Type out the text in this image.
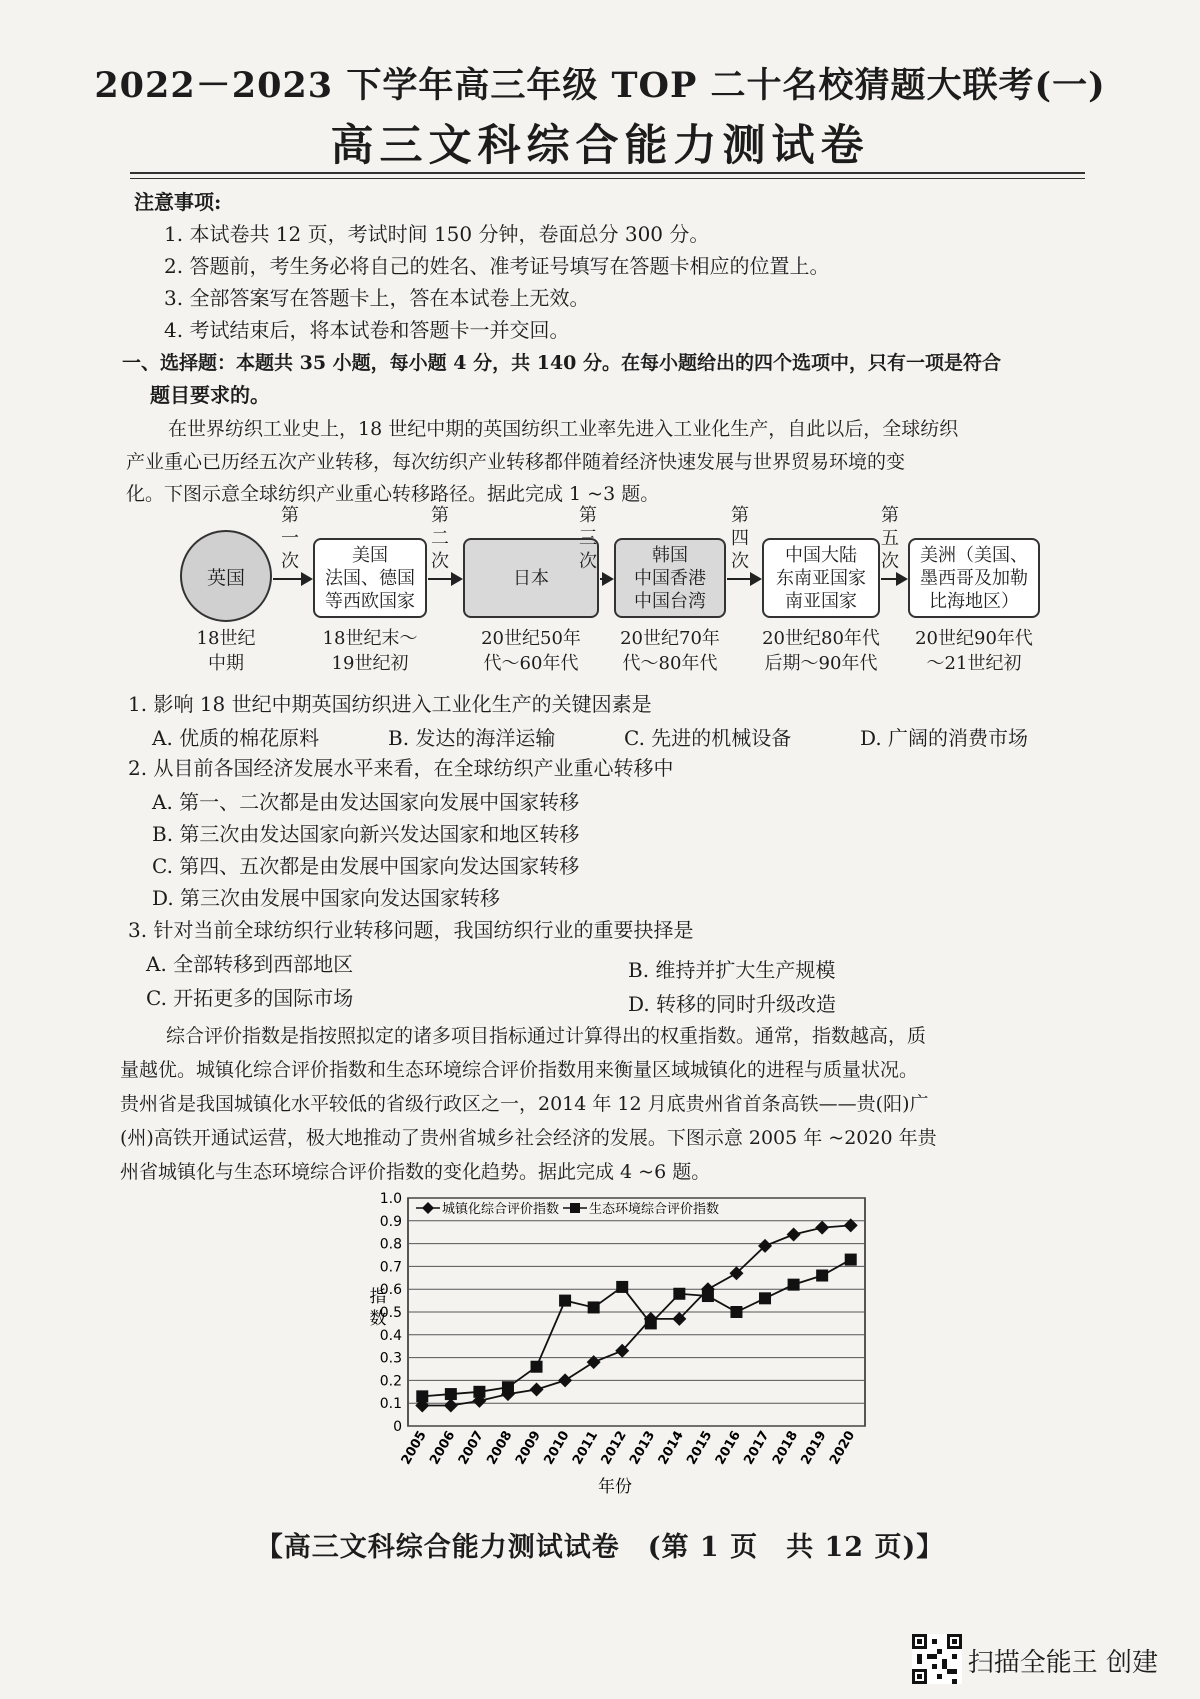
2022－2023 下学年高三年级 TOP 二十名校猜题大联考(一)
高三文科综合能力测试卷
注意事项:
1. 本试卷共 12 页，考试时间 150 分钟，卷面总分 300 分。
2. 答题前，考生务必将自己的姓名、准考证号填写在答题卡相应的位置上。
3. 全部答案写在答题卡上，答在本试卷上无效。
4. 考试结束后，将本试卷和答题卡一并交回。
一、选择题：本题共 35 小题，每小题 4 分，共 140 分。在每小题给出的四个选项中，只有一项是符合
题目要求的。
在世界纺织工业史上，18 世纪中期的英国纺织工业率先进入工业化生产，自此以后，全球纺织
产业重心已历经五次产业转移，每次纺织产业转移都伴随着经济快速发展与世界贸易环境的变
化。下图示意全球纺织产业重心转移路径。据此完成 1 ~3 题。
英国
美国
法国、德国
等西欧国家
日本
韩国
中国香港
中国台湾
中国大陆
东南亚国家
南亚国家
美洲（美国、
墨西哥及加勒
比海地区）
第
一
次
第
二
次
第
三
次
第
四
次
第
五
次
18世纪
中期
18世纪末～
19世纪初
20世纪50年
代～60年代
20世纪70年
代～80年代
20世纪80年代
后期～90年代
20世纪90年代
～21世纪初
1. 影响 18 世纪中期英国纺织进入工业化生产的关键因素是
A. 优质的棉花原料	B. 发达的海洋运输	C. 先进的机械设备	D. 广阔的消费市场
2. 从目前各国经济发展水平来看，在全球纺织产业重心转移中
A. 第一、二次都是由发达国家向发展中国家转移
B. 第三次由发达国家向新兴发达国家和地区转移
C. 第四、五次都是由发展中国家向发达国家转移
D. 第三次由发展中国家向发达国家转移
3. 针对当前全球纺织行业转移问题，我国纺织行业的重要抉择是
A. 全部转移到西部地区	B. 维持并扩大生产规模
C. 开拓更多的国际市场	D. 转移的同时升级改造
综合评价指数是指按照拟定的诸多项目指标通过计算得出的权重指数。通常，指数越高，质
量越优。城镇化综合评价指数和生态环境综合评价指数用来衡量区域城镇化的进程与质量状况。
贵州省是我国城镇化水平较低的省级行政区之一，2014 年 12 月底贵州省首条高铁——贵(阳)广
(州)高铁开通试运营，极大地推动了贵州省城乡社会经济的发展。下图示意 2005 年 ~2020 年贵
州省城镇化与生态环境综合评价指数的变化趋势。据此完成 4 ~6 题。
0
0.1
0.2
0.3
0.4
0.5
0.6
0.7
0.8
0.9
1.0
2005
2006
2007
2008
2009
2010
2011
2012
2013
2014
2015
2016
2017
2018
2019
2020
城镇化综合评价指数 生态环境综合评价指数
指
数
年份
【高三文科综合能力测试试卷　(第 1 页　共 12 页)】
扫描全能王 创建
